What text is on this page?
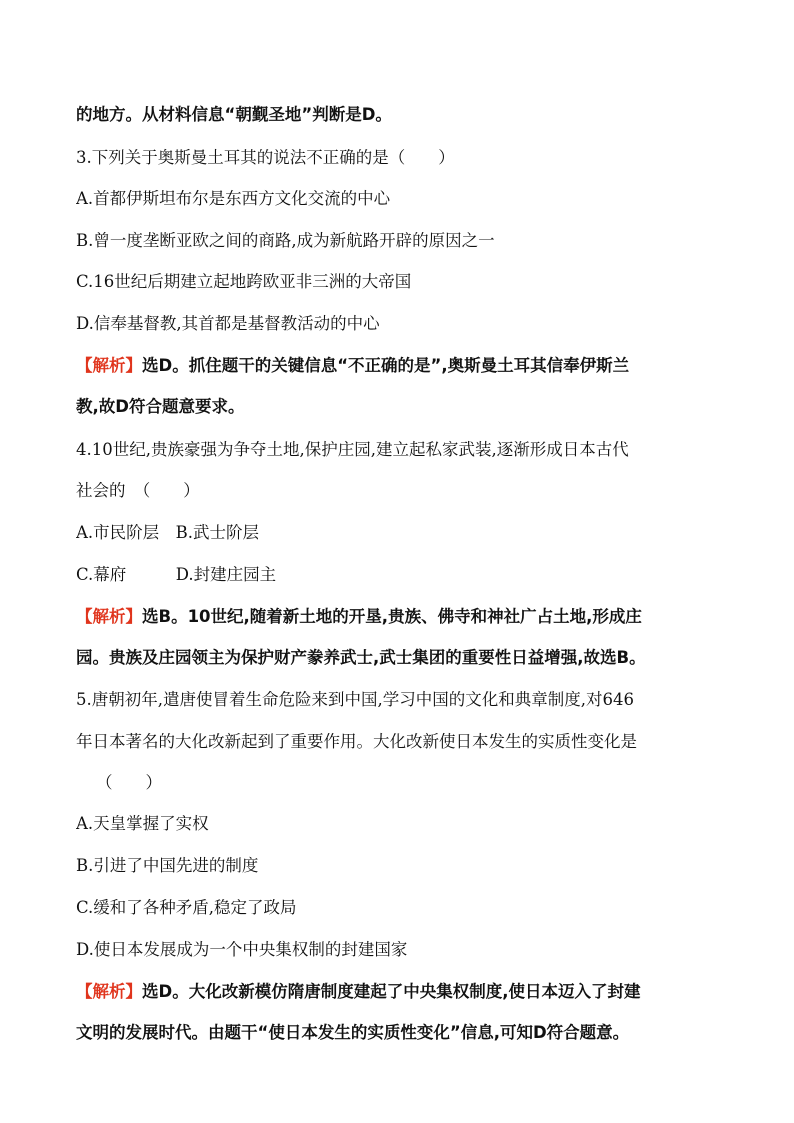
的地方。从材料信息“朝觐圣地”判断是D。
3.下列关于奥斯曼土耳其的说法不正确的是（　　）
A.首都伊斯坦布尔是东西方文化交流的中心
B.曾一度垄断亚欧之间的商路,成为新航路开辟的原因之一
C.16世纪后期建立起地跨欧亚非三洲的大帝国
D.信奉基督教,其首都是基督教活动的中心
【解析】选D。抓住题干的关键信息“不正确的是”,奥斯曼土耳其信奉伊斯兰
教,故D符合题意要求。
4.10世纪,贵族豪强为争夺土地,保护庄园,建立起私家武装,逐渐形成日本古代
社会的　（　　）
A.市民阶层　B.武士阶层
C.幕府　　　D.封建庄园主
【解析】选B。10世纪,随着新土地的开垦,贵族、佛寺和神社广占土地,形成庄
园。贵族及庄园领主为保护财产豢养武士,武士集团的重要性日益增强,故选B。
5.唐朝初年,遣唐使冒着生命危险来到中国,学习中国的文化和典章制度,对646
年日本著名的大化改新起到了重要作用。大化改新使日本发生的实质性变化是
（　　）
A.天皇掌握了实权
B.引进了中国先进的制度
C.缓和了各种矛盾,稳定了政局
D.使日本发展成为一个中央集权制的封建国家
【解析】选D。大化改新模仿隋唐制度建起了中央集权制度,使日本迈入了封建
文明的发展时代。由题干“使日本发生的实质性变化”信息,可知D符合题意。
